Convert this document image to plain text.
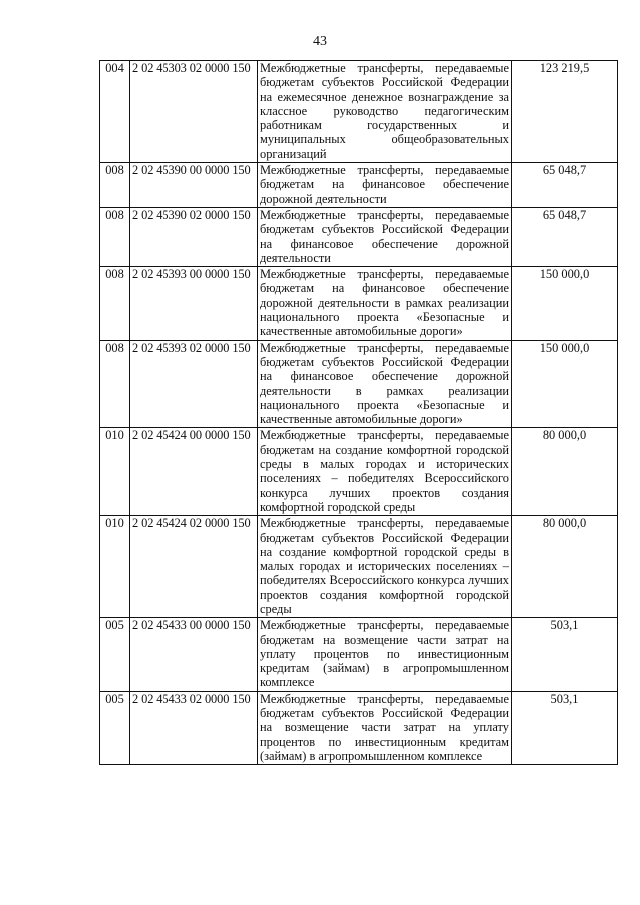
43
004	2 02 45303 02 0000 150	Межбюджетные трансферты, передаваемые бюджетам субъектов Российской Федерации на ежемесячное денежное вознаграждение за классное руководство педагогическим работникам государственных и муниципальных общеобразовательных организаций	123 219,5
008	2 02 45390 00 0000 150	Межбюджетные трансферты, передаваемые бюджетам на финансовое обеспечение дорожной деятельности	65 048,7
008	2 02 45390 02 0000 150	Межбюджетные трансферты, передаваемые бюджетам субъектов Российской Федерации на финансовое обеспечение дорожной деятельности	65 048,7
008	2 02 45393 00 0000 150	Межбюджетные трансферты, передаваемые бюджетам на финансовое обеспечение дорожной деятельности в рамках реализации национального проекта «Безопасные и качественные автомобильные дороги»	150 000,0
008	2 02 45393 02 0000 150	Межбюджетные трансферты, передаваемые бюджетам субъектов Российской Федерации на финансовое обеспечение дорожной деятельности в рамках реализации национального проекта «Безопасные и качественные автомобильные дороги»	150 000,0
010	2 02 45424 00 0000 150	Межбюджетные трансферты, передаваемые бюджетам на создание комфортной городской среды в малых городах и исторических поселениях – победителях Всероссийского конкурса лучших проектов создания комфортной городской среды	80 000,0
010	2 02 45424 02 0000 150	Межбюджетные трансферты, передаваемые бюджетам субъектов Российской Федерации на создание комфортной городской среды в малых городах и исторических поселениях – победителях Всероссийского конкурса лучших проектов создания комфортной городской среды	80 000,0
005	2 02 45433 00 0000 150	Межбюджетные трансферты, передаваемые бюджетам на возмещение части затрат на уплату процентов по инвестиционным кредитам (займам) в агропромышленном комплексе	503,1
005	2 02 45433 02 0000 150	Межбюджетные трансферты, передаваемые бюджетам субъектов Российской Федерации на возмещение части затрат на уплату процентов по инвестиционным кредитам (займам) в агропромышленном комплексе	503,1
